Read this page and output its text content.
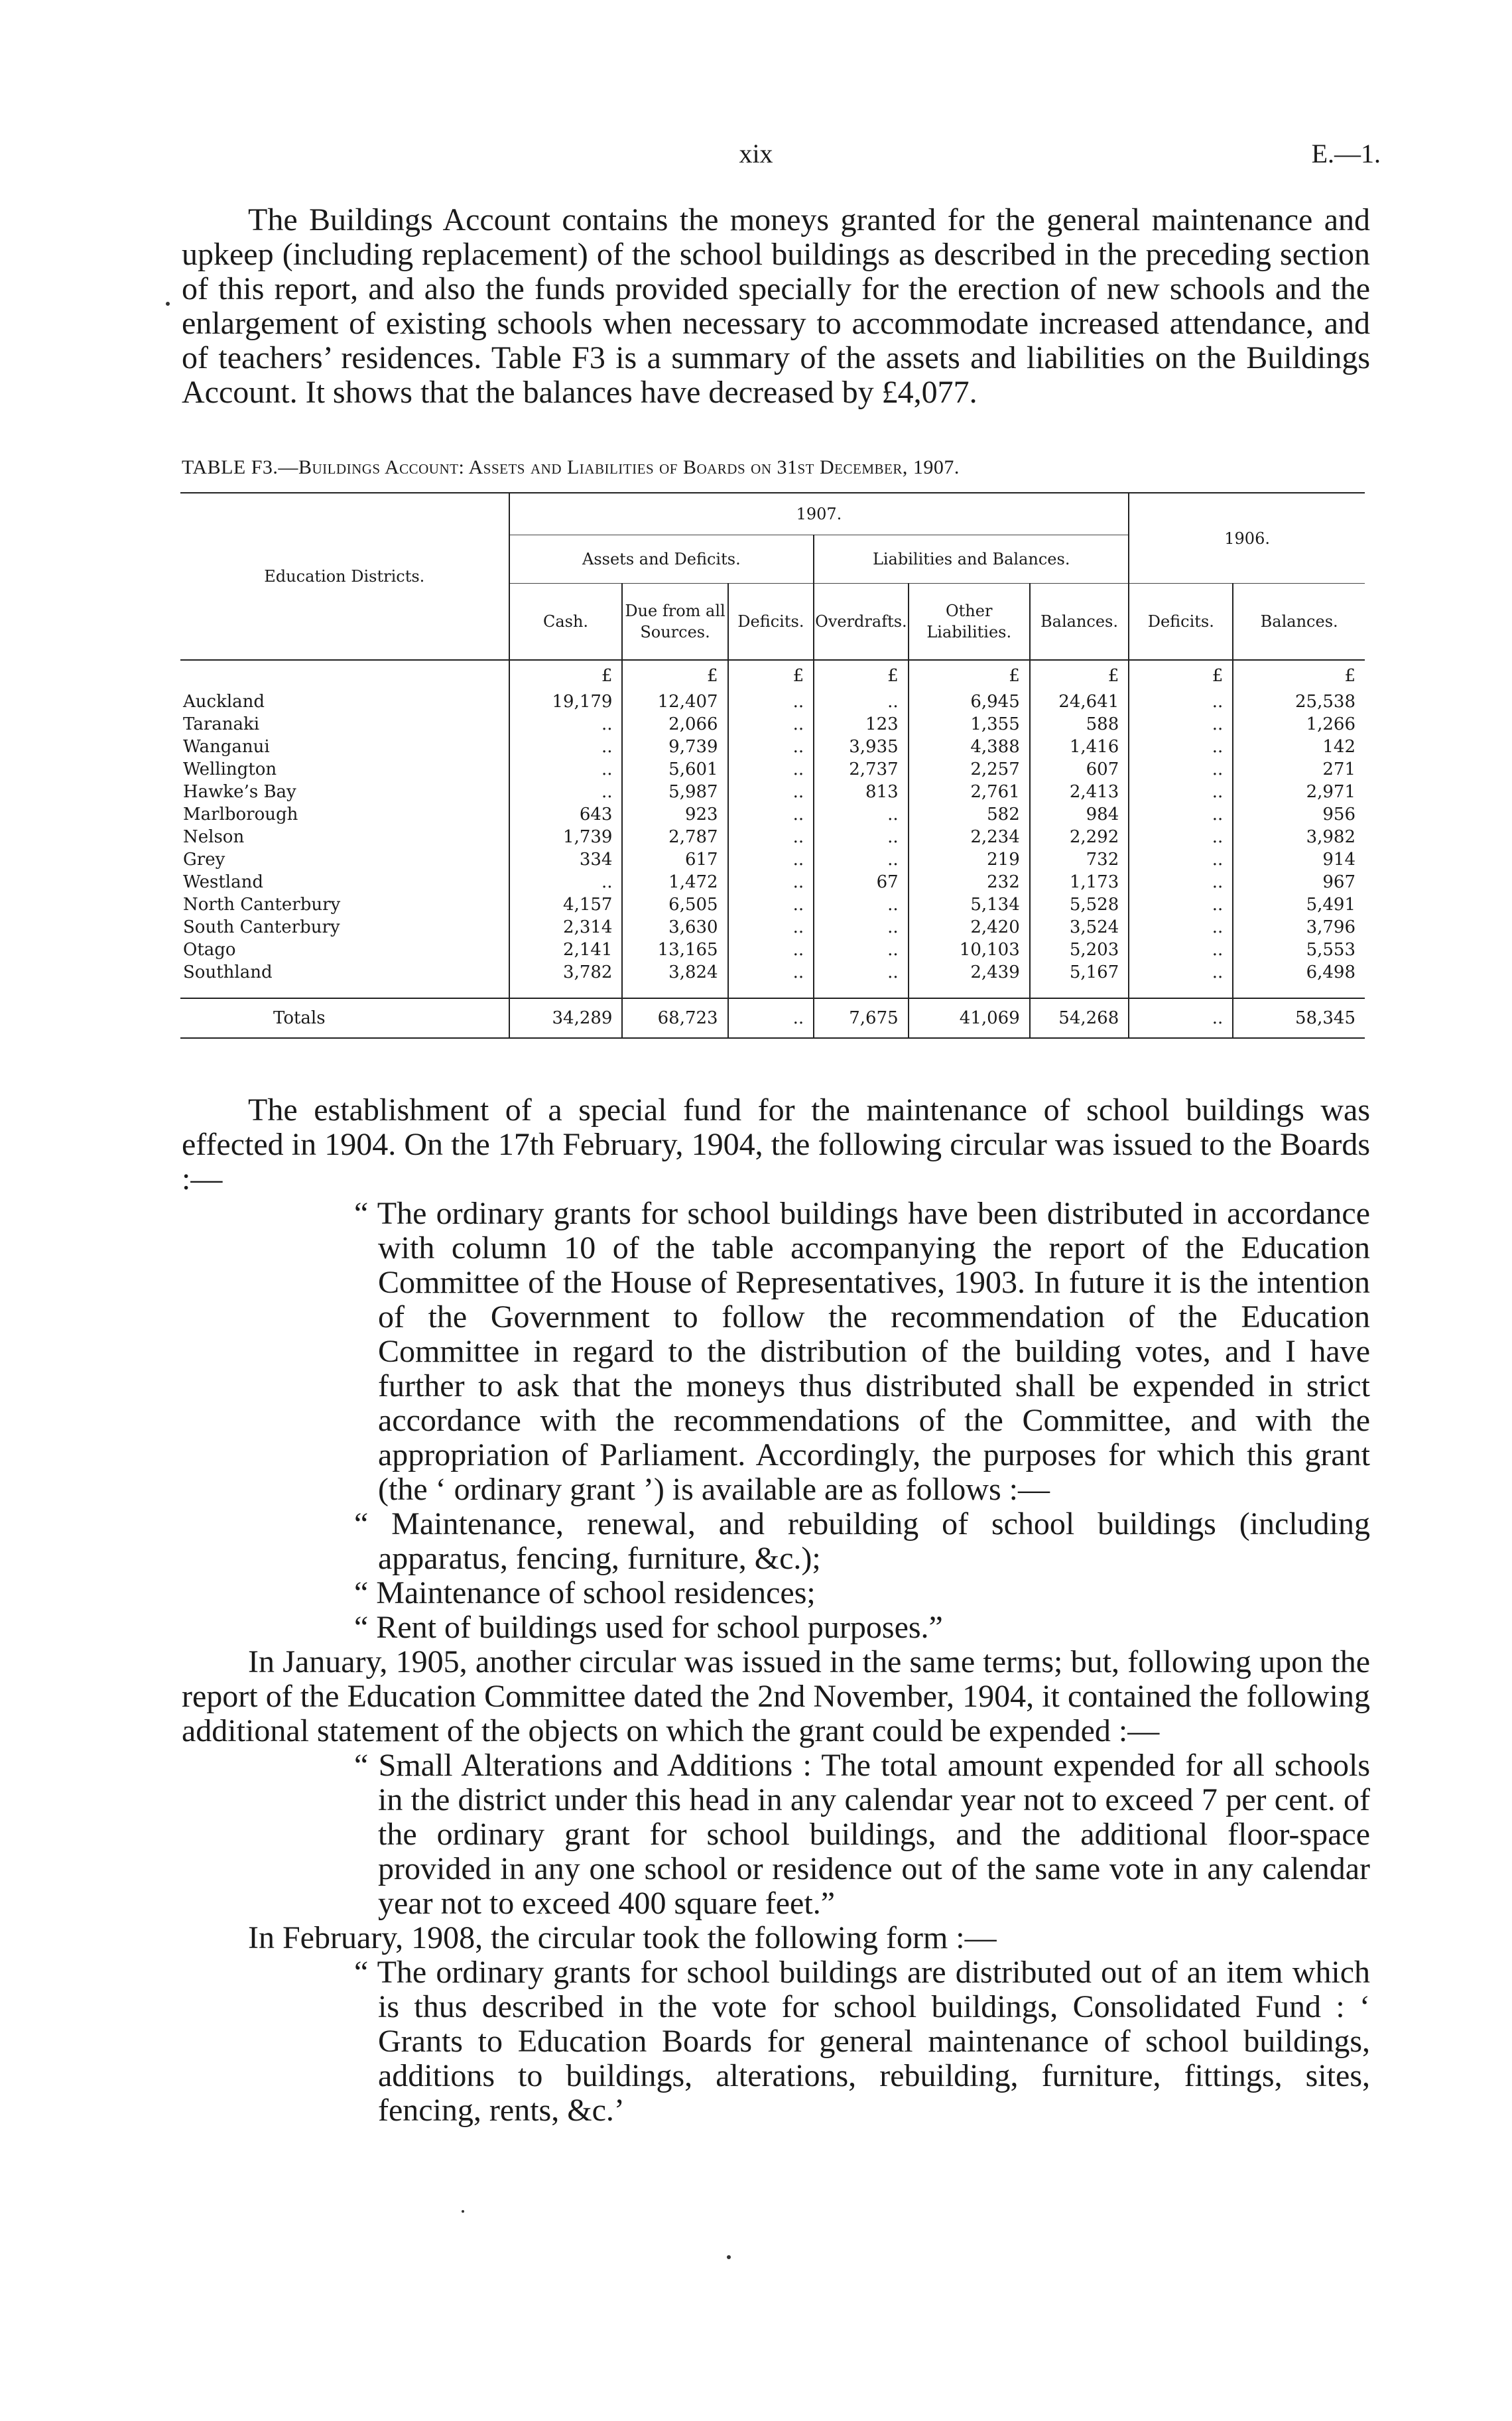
xix	E.—1.

The Buildings Account contains the moneys granted for the general maintenance and upkeep (including replacement) of the school buildings as described in the preceding section of this report, and also the funds provided specially for the erection of new schools and the enlargement of existing schools when necessary to accommodate increased attendance, and of teachers’ residences. Table F3 is a summary of the assets and liabilities on the Buildings Account. It shows that the balances have decreased by £4,077.

TABLE F3.—Buildings Account: Assets and Liabilities of Boards on 31st December, 1907.
Education Districts.	1907.						1906.	
	Assets and Deficits.			Liabilities and Balances.				
	Cash.	Due from all Sources.	Deficits.	Overdrafts.	Other Liabilities.	Balances.	Deficits.	Balances.
	£	£	£	£	£	£	£	£
Auckland	19,179	12,407	..	..	6,945	24,641	..	25,538
Taranaki	..	2,066	..	123	1,355	588	..	1,266
Wanganui	..	9,739	..	3,935	4,388	1,416	..	142
Wellington	..	5,601	..	2,737	2,257	607	..	271
Hawke’s Bay	..	5,987	..	813	2,761	2,413	..	2,971
Marlborough	643	923	..	..	582	984	..	956
Nelson	1,739	2,787	..	..	2,234	2,292	..	3,982
Grey	334	617	..	..	219	732	..	914
Westland	..	1,472	..	67	232	1,173	..	967
North Canterbury	4,157	6,505	..	..	5,134	5,528	..	5,491
South Canterbury	2,314	3,630	..	..	2,420	3,524	..	3,796
Otago	2,141	13,165	..	..	10,103	5,203	..	5,553
Southland	3,782	3,824	..	..	2,439	5,167	..	6,498

Totals	34,289	68,723	..	7,675	41,069	54,268	..	58,345

The establishment of a special fund for the maintenance of school buildings was effected in 1904. On the 17th February, 1904, the following circular was issued to the Boards :—

“ The ordinary grants for school buildings have been distributed in accordance with column 10 of the table accompanying the report of the Education Committee of the House of Representatives, 1903. In future it is the intention of the Government to follow the recommendation of the Education Committee in regard to the distribution of the building votes, and I have further to ask that the moneys thus distributed shall be expended in strict accordance with the recommendations of the Committee, and with the appropriation of Parliament. Accordingly, the purposes for which this grant (the ‘ ordinary grant ’) is available are as follows :—

“ Maintenance, renewal, and rebuilding of school buildings (including apparatus, fencing, furniture, &c.);

“ Maintenance of school residences;

“ Rent of buildings used for school purposes.”

In January, 1905, another circular was issued in the same terms; but, following upon the report of the Education Committee dated the 2nd November, 1904, it contained the following additional statement of the objects on which the grant could be expended :—

“ Small Alterations and Additions : The total amount expended for all schools in the district under this head in any calendar year not to exceed 7 per cent. of the ordinary grant for school buildings, and the additional floor-space provided in any one school or residence out of the same vote in any calendar year not to exceed 400 square feet.”

In February, 1908, the circular took the following form :—

“ The ordinary grants for school buildings are distributed out of an item which is thus described in the vote for school buildings, Consolidated Fund : ‘ Grants to Education Boards for general maintenance of school buildings, additions to buildings, alterations, rebuilding, furniture, fittings, sites, fencing, rents, &c.’
